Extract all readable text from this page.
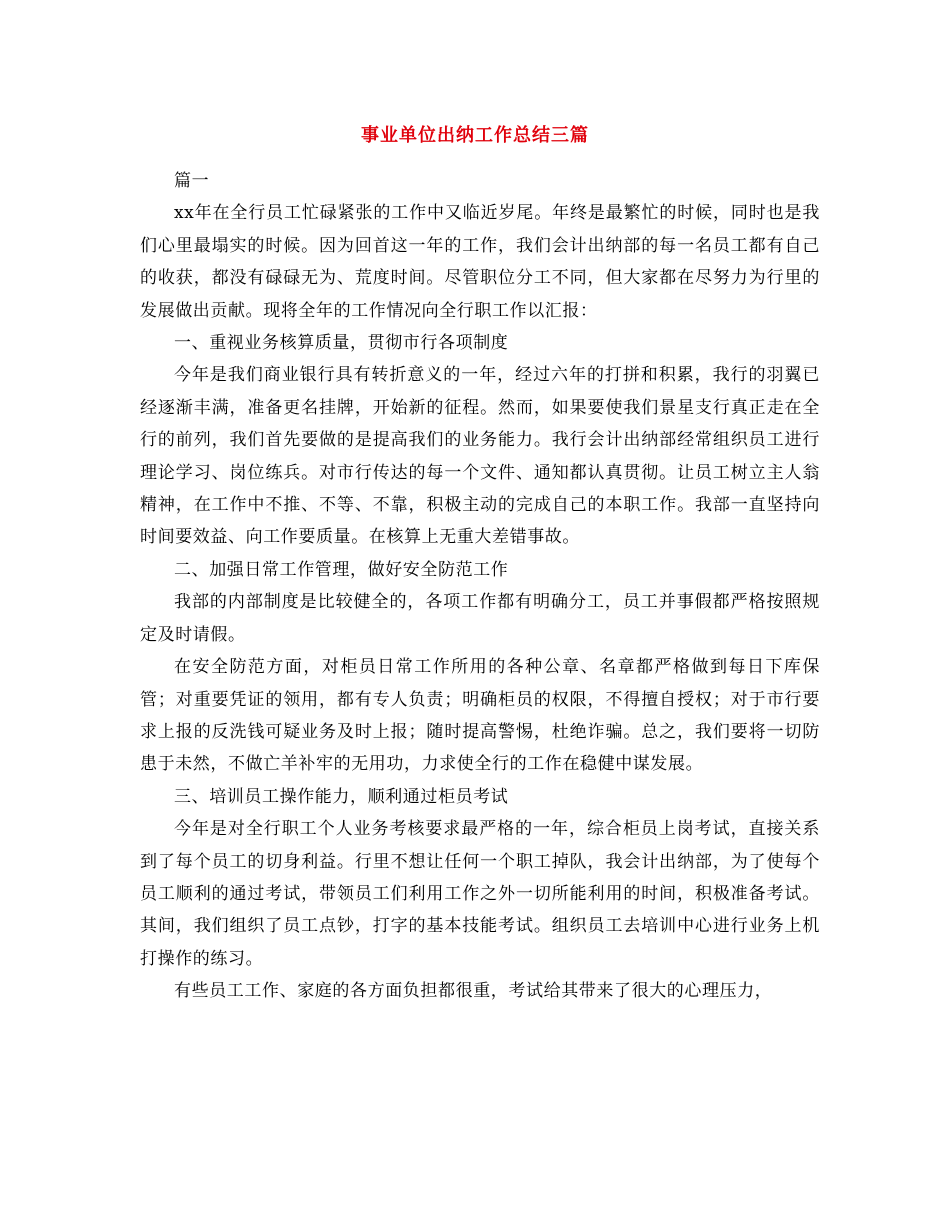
事业单位出纳工作总结三篇

篇一

xx年在全行员工忙碌紧张的工作中又临近岁尾。年终是最繁忙的时候，同时也是我们心里最塌实的时候。因为回首这一年的工作，我们会计出纳部的每一名员工都有自己的收获，都没有碌碌无为、荒度时间。尽管职位分工不同，但大家都在尽努力为行里的发展做出贡献。现将全年的工作情况向全行职工作以汇报：

一、重视业务核算质量，贯彻市行各项制度

今年是我们商业银行具有转折意义的一年，经过六年的打拼和积累，我行的羽翼已经逐渐丰满，准备更名挂牌，开始新的征程。然而，如果要使我们景星支行真正走在全行的前列，我们首先要做的是提高我们的业务能力。我行会计出纳部经常组织员工进行理论学习、岗位练兵。对市行传达的每一个文件、通知都认真贯彻。让员工树立主人翁精神，在工作中不推、不等、不靠，积极主动的完成自己的本职工作。我部一直坚持向时间要效益、向工作要质量。在核算上无重大差错事故。

二、加强日常工作管理，做好安全防范工作

我部的内部制度是比较健全的，各项工作都有明确分工，员工并事假都严格按照规定及时请假。

在安全防范方面，对柜员日常工作所用的各种公章、名章都严格做到每日下库保管；对重要凭证的领用，都有专人负责；明确柜员的权限，不得擅自授权；对于市行要求上报的反洗钱可疑业务及时上报；随时提高警惕，杜绝诈骗。总之，我们要将一切防患于未然，不做亡羊补牢的无用功，力求使全行的工作在稳健中谋发展。

三、培训员工操作能力，顺利通过柜员考试

今年是对全行职工个人业务考核要求最严格的一年，综合柜员上岗考试，直接关系到了每个员工的切身利益。行里不想让任何一个职工掉队，我会计出纳部，为了使每个员工顺利的通过考试，带领员工们利用工作之外一切所能利用的时间，积极准备考试。其间，我们组织了员工点钞，打字的基本技能考试。组织员工去培训中心进行业务上机打操作的练习。

有些员工工作、家庭的各方面负担都很重，考试给其带来了很大的心理压力，
